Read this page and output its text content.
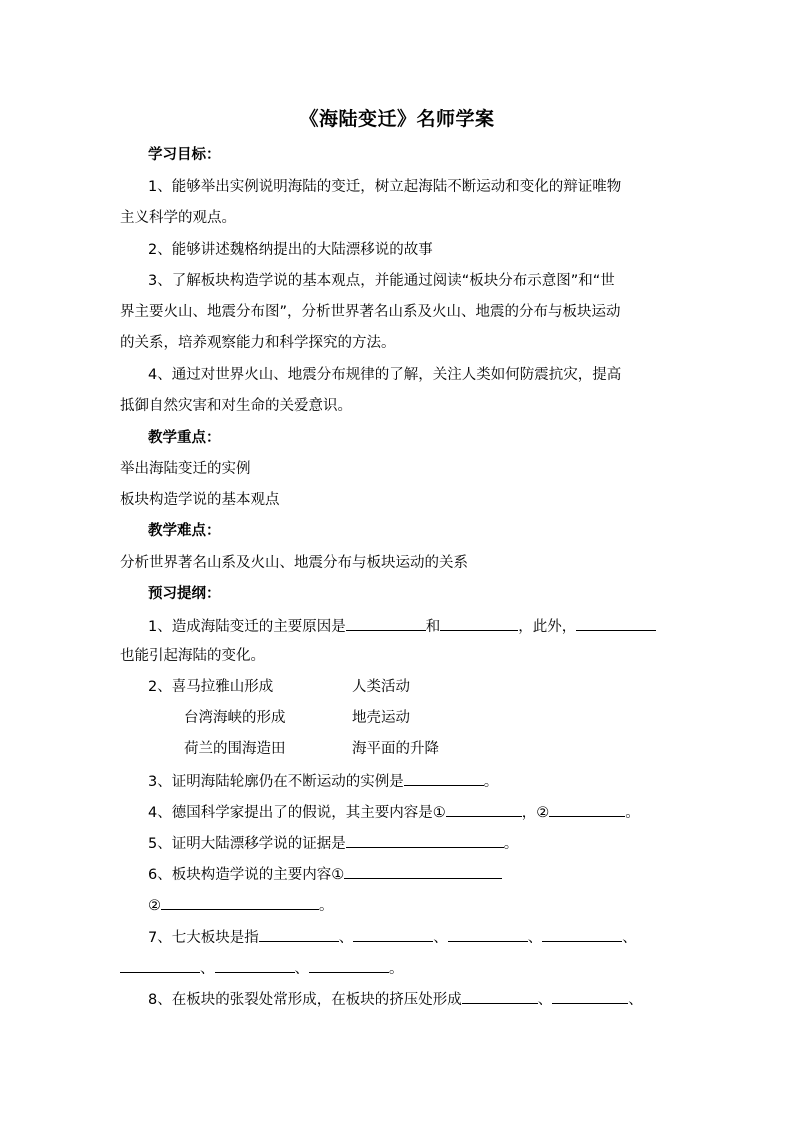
《海陆变迁》名师学案
学习目标：
1、能够举出实例说明海陆的变迁，树立起海陆不断运动和变化的辩证唯物
主义科学的观点。
2、能够讲述魏格纳提出的大陆漂移说的故事
3、了解板块构造学说的基本观点，并能通过阅读“板块分布示意图”和“世
界主要火山、地震分布图”，分析世界著名山系及火山、地震的分布与板块运动
的关系，培养观察能力和科学探究的方法。
4、通过对世界火山、地震分布规律的了解，关注人类如何防震抗灾，提高
抵御自然灾害和对生命的关爱意识。
教学重点：
举出海陆变迁的实例
板块构造学说的基本观点
教学难点：
分析世界著名山系及火山、地震分布与板块运动的关系
预习提纲：
1、造成海陆变迁的主要原因是	和	，此外，
也能引起海陆的变化。
2、喜马拉雅山形成	人类活动
台湾海峡的形成	地壳运动
荷兰的围海造田	海平面的升降
3、证明海陆轮廓仍在不断运动的实例是	。
4、德国科学家提出了的假说，其主要内容是①	，②	。
5、证明大陆漂移学说的证据是	。
6、板块构造学说的主要内容①
②	。
7、七大板块是指	、	、	、	、
、	、	。
8、在板块的张裂处常形成，在板块的挤压处形成	、	、
